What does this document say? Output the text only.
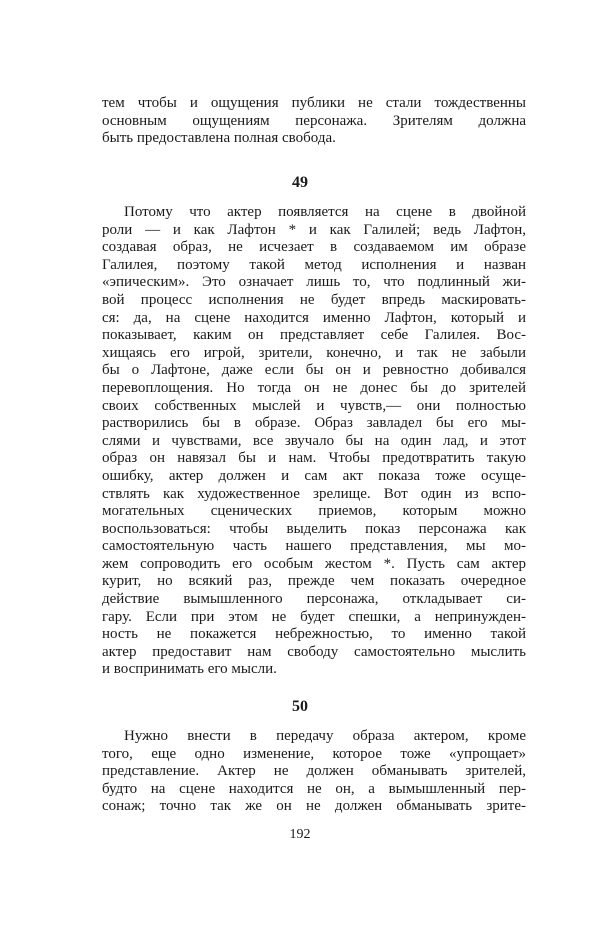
тем чтобы и ощущения публики не стали тождественны
основным ощущениям персонажа. Зрителям должна
быть предоставлена полная свобода.
49
Потому что актер появляется на сцене в двойной
роли — и как Лафтон * и как Галилей; ведь Лафтон,
создавая образ, не исчезает в создаваемом им образе
Галилея, поэтому такой метод исполнения и назван
«эпическим». Это означает лишь то, что подлинный жи-
вой процесс исполнения не будет впредь маскировать-
ся: да, на сцене находится именно Лафтон, который и
показывает, каким он представляет себе Галилея. Вос-
хищаясь его игрой, зрители, конечно, и так не забыли
бы о Лафтоне, даже если бы он и ревностно добивался
перевоплощения. Но тогда он не донес бы до зрителей
своих собственных мыслей и чувств,— они полностью
растворились бы в образе. Образ завладел бы его мы-
слями и чувствами, все звучало бы на один лад, и этот
образ он навязал бы и нам. Чтобы предотвратить такую
ошибку, актер должен и сам акт показа тоже осуще-
ствлять как художественное зрелище. Вот один из вспо-
могательных сценических приемов, которым можно
воспользоваться: чтобы выделить показ персонажа как
самостоятельную часть нашего представления, мы мо-
жем сопроводить его особым жестом *. Пусть сам актер
курит, но всякий раз, прежде чем показать очередное
действие вымышленного персонажа, откладывает си-
гару. Если при этом не будет спешки, а непринужден-
ность не покажется небрежностью, то именно такой
актер предоставит нам свободу самостоятельно мыслить
и воспринимать его мысли.
50
Нужно внести в передачу образа актером, кроме
того, еще одно изменение, которое тоже «упрощает»
представление. Актер не должен обманывать зрителей,
будто на сцене находится не он, а вымышленный пер-
сонаж; точно так же он не должен обманывать зрите-
192
